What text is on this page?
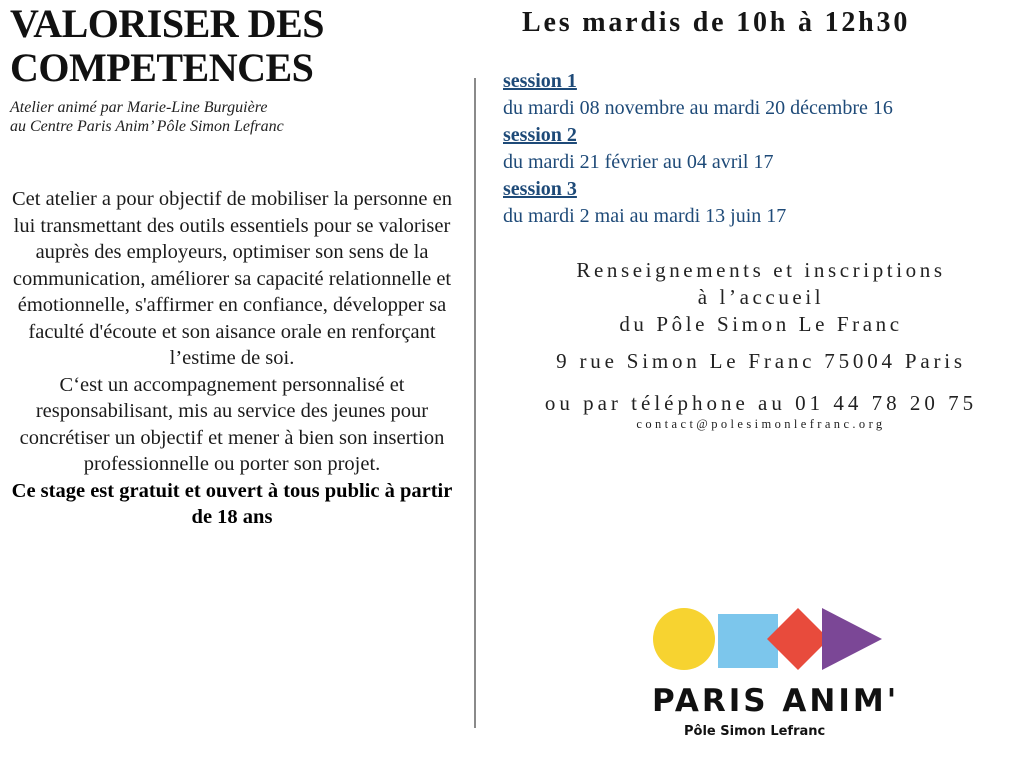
VALORISER DES
COMPETENCES
Atelier animé par Marie-Line Burguière
au Centre Paris Anim’ Pôle Simon Lefranc

Cet atelier a pour objectif de mobiliser la personne en lui transmettant des outils essentiels pour se valoriser auprès des employeurs, optimiser son sens de la communication, améliorer sa capacité relationnelle et émotionnelle, s'affirmer en confiance, développer sa faculté d'écoute et son aisance orale en renforçant l’estime de soi.

C‘est un accompagnement personnalisé et responsabilisant, mis au service des jeunes pour concrétiser un objectif et mener à bien son insertion professionnelle ou porter son projet.

Ce stage est gratuit et ouvert à tous public à partir de 18 ans

Les mardis de 10h à 12h30
session 1
du mardi 08 novembre au mardi 20 décembre 16
session 2
du mardi 21 février au 04 avril 17
session 3
du mardi 2 mai au mardi 13 juin 17
Renseignements et inscriptions
à l’accueil
du Pôle Simon Le Franc
9 rue Simon Le Franc 75004 Paris
ou par téléphone au 01 44 78 20 75
contact@polesimonlefranc.org
PARIS ANIM'
Pôle Simon Lefranc
